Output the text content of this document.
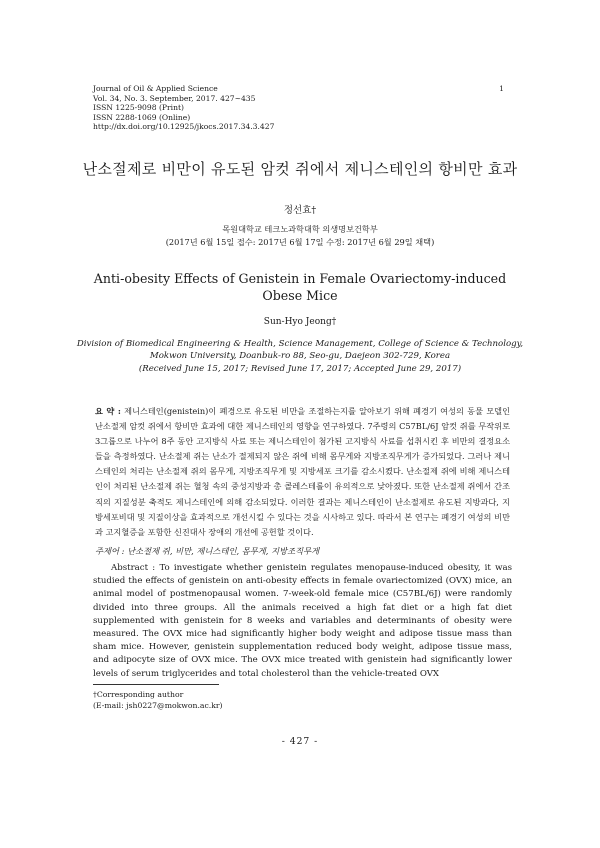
Journal of Oil & Applied Science
Vol. 34, No. 3. September, 2017. 427~435
ISSN 1225-9098 (Print)
ISSN 2288-1069 (Online)
http://dx.doi.org/10.12925/jkocs.2017.34.3.427
1
난소절제로 비만이 유도된 암컷 쥐에서 제니스테인의 항비만 효과
정선효†
목원대학교 테크노과학대학 의생명보건학부
(2017년 6월 15일 접수: 2017년 6월 17일 수정: 2017년 6월 29일 채택)
Anti-obesity Effects of Genistein in Female Ovariectomy-induced
Obese Mice
Sun-Hyo Jeong†
Division of Biomedical Engineering & Health, Science Management, College of Science & Technology,
Mokwon University, Doanbuk-ro 88, Seo-gu, Daejeon 302-729, Korea
(Received June 15, 2017; Revised June 17, 2017; Accepted June 29, 2017)
요 약 : 제니스테인(genistein)이 폐경으로 유도된 비만을 조절하는지를 알아보기 위해 폐경기 여성의 동물 모델인 난소절제 암컷 쥐에서 항비만 효과에 대한 제니스테인의 영향을 연구하였다. 7주령의 C57BL/6J 암컷 쥐를 무작위로 3그룹으로 나누어 8주 동안 고지방식 사료 또는 제니스테인이 첨가된 고지방식 사료를 섭취시킨 후 비만의 결정요소들을 측정하였다. 난소절제 쥐는 난소가 절제되지 않은 쥐에 비해 몸무게와 지방조직무게가 증가되었다. 그러나 제니스테인의 처리는 난소절제 쥐의 몸무게, 지방조직무게 및 지방세포 크기를 감소시켰다. 난소절제 쥐에 비해 제니스테인이 처리된 난소절제 쥐는 혈청 속의 중성지방과 총 콜레스테롤이 유의적으로 낮아졌다. 또한 난소절제 쥐에서 간조직의 지질성분 축적도 제니스테인에 의해 감소되었다. 이러한 결과는 제니스테인이 난소절제로 유도된 지방과다, 지방세포비대 및 지질이상을 효과적으로 개선시킬 수 있다는 것을 시사하고 있다. 따라서 본 연구는 폐경기 여성의 비만과 고지혈증을 포함한 신진대사 장애의 개선에 공헌할 것이다.
주제어 : 난소절제 쥐, 비만, 제니스테인, 몸무게, 지방조직무게

Abstract : To investigate whether genistein regulates menopause-induced obesity, it was studied the effects of genistein on anti-obesity effects in female ovariectomized (OVX) mice, an animal model of postmenopausal women. 7-week-old female mice (C57BL/6J) were randomly divided into three groups. All the animals received a high fat diet or a high fat diet supplemented with genistein for 8 weeks and variables and determinants of obesity were measured. The OVX mice had significantly higher body weight and adipose tissue mass than sham mice. However, genistein supplementation reduced body weight, adipose tissue mass, and adipocyte size of OVX mice. The OVX mice treated with genistein had significantly lower levels of serum triglycerides and total cholesterol than the vehicle-treated OVX

†Corresponding author
(E-mail: jsh0227@mokwon.ac.kr)
- 427 -
